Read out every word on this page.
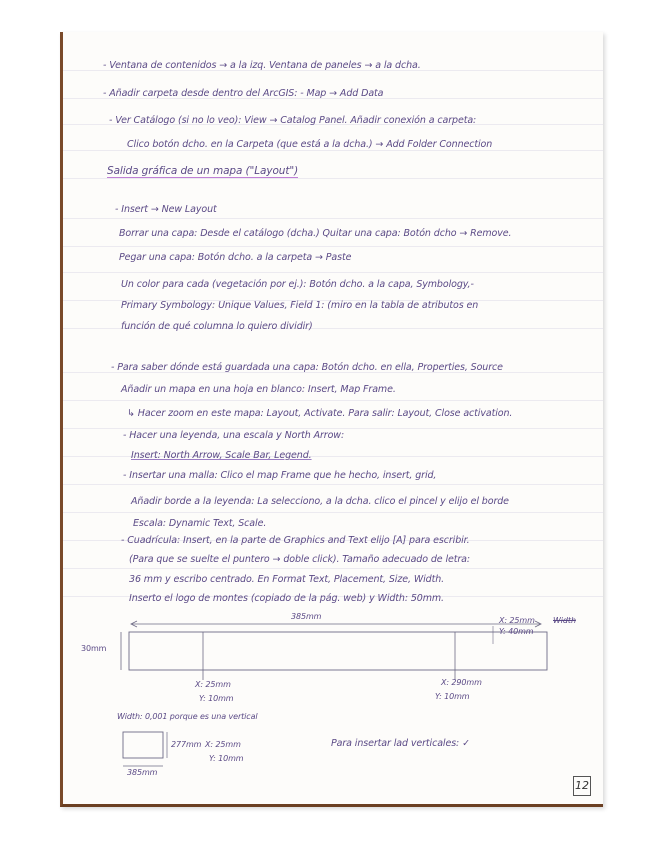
- Ventana de contenidos → a la izq. Ventana de paneles → a la dcha.
- Añadir carpeta desde dentro del ArcGIS: - Map → Add Data
- Ver Catálogo (si no lo veo): View → Catalog Panel. Añadir conexión a carpeta:
Clico botón dcho. en la Carpeta (que está a la dcha.) → Add Folder Connection
Salida gráfica de un mapa ("Layout")
- Insert → New Layout
Borrar una capa: Desde el catálogo (dcha.) Quitar una capa: Botón dcho → Remove.
Pegar una capa: Botón dcho. a la carpeta → Paste
Un color para cada (vegetación por ej.): Botón dcho. a la capa, Symbology,-
Primary Symbology: Unique Values, Field 1: (miro en la tabla de atributos en
función de qué columna lo quiero dividir)
- Para saber dónde está guardada una capa: Botón dcho. en ella, Properties, Source
Añadir un mapa en una hoja en blanco: Insert, Map Frame.
↳ Hacer zoom en este mapa: Layout, Activate. Para salir: Layout, Close activation.
- Hacer una leyenda, una escala y North Arrow:
Insert: North Arrow, Scale Bar, Legend.
- Insertar una malla: Clico el map Frame que he hecho, insert, grid,
Añadir borde a la leyenda: La selecciono, a la dcha. clico el pincel y elijo el borde
Escala: Dynamic Text, Scale.
- Cuadrícula: Insert, en la parte de Graphics and Text elijo [A] para escribir.
(Para que se suelte el puntero → doble click). Tamaño adecuado de letra:
36 mm y escribo centrado. En Format Text, Placement, Size, Width.
Inserto el logo de montes (copiado de la pág. web) y Width: 50mm.
385mm
30mm
X: 25mm
Y: 40mm
Width
X: 25mm
Y: 10mm
X: 290mm
Y: 10mm
Width: 0,001 porque es una vertical
277mm X: 25mm
Y: 10mm
385mm
Para insertar lad verticales: ✓
12
